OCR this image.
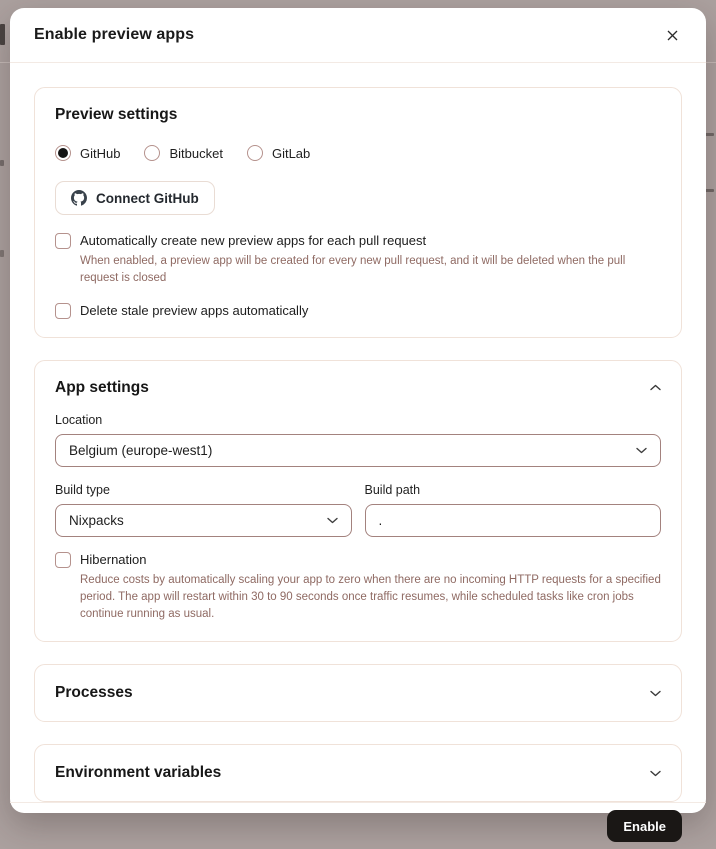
Enable preview apps
Preview settings
GitHub	Bitbucket	GitLab
Connect GitHub
Automatically create new preview apps for each pull request
When enabled, a preview app will be created for every new pull request, and it will be deleted when the pull request is closed
Delete stale preview apps automatically
App settings
Location
Belgium (europe-west1)
Build type
Nixpacks
Build path
.
Hibernation
Reduce costs by automatically scaling your app to zero when there are no incoming HTTP requests for a specified period. The app will restart within 30 to 90 seconds once traffic resumes, while scheduled tasks like cron jobs continue running as usual.
Processes
Environment variables
Enable
